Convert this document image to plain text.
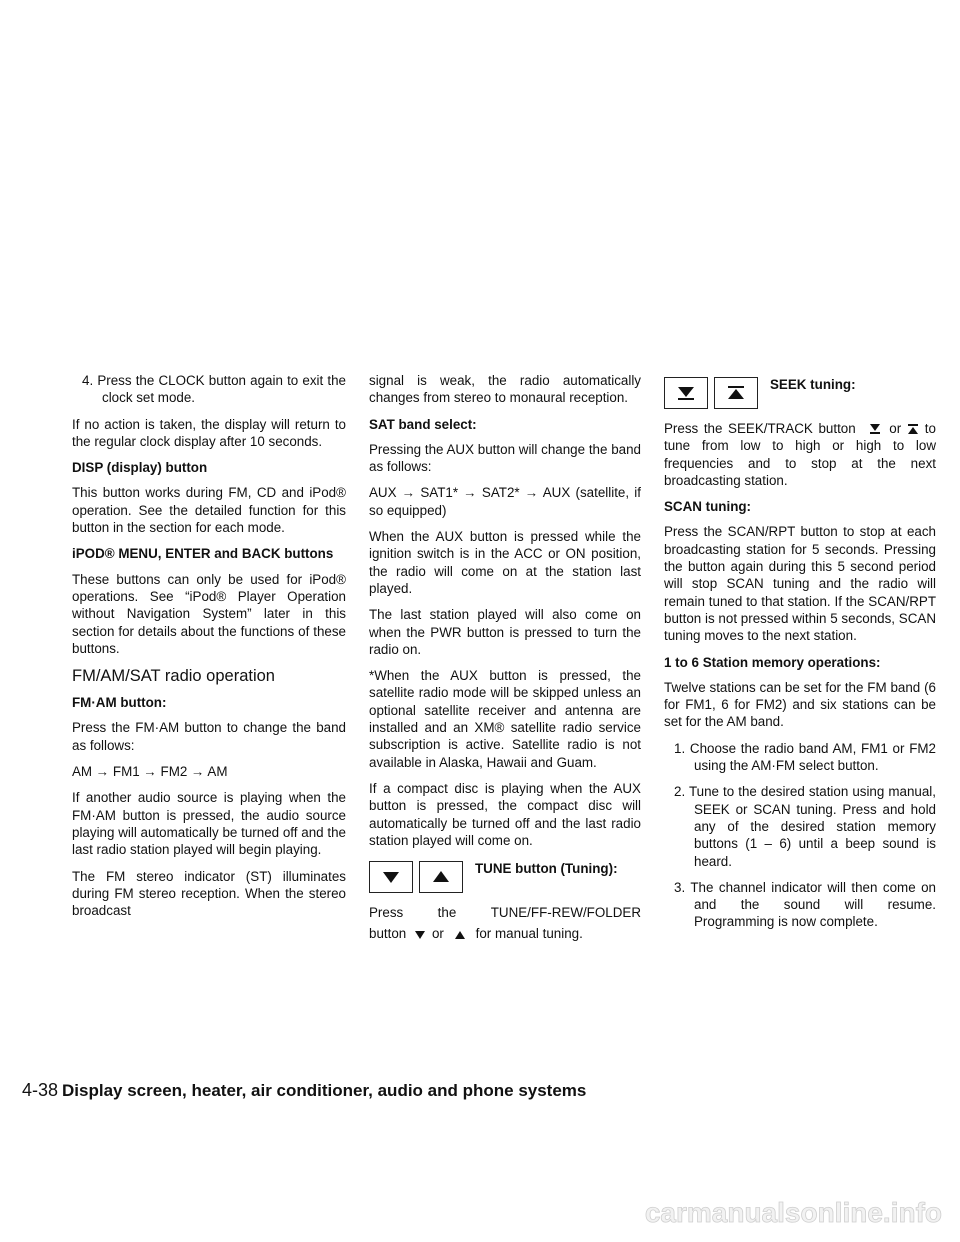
4. Press the CLOCK button again to exit the clock set mode.

If no action is taken, the display will return to the regular clock display after 10 seconds.

DISP (display) button

This button works during FM, CD and iPod® operation. See the detailed function for this button in the section for each mode.

iPOD® MENU, ENTER and BACK buttons

These buttons can only be used for iPod® operations. See “iPod® Player Operation without Navigation System” later in this section for details about the functions of these buttons.

FM/AM/SAT radio operation

FM·AM button:

Press the FM·AM button to change the band as follows:

AM → FM1 → FM2 → AM

If another audio source is playing when the FM·AM button is pressed, the audio source playing will automatically be turned off and the last radio station played will begin playing.

The FM stereo indicator (ST) illuminates during FM stereo reception. When the stereo broadcast

signal is weak, the radio automatically changes from stereo to monaural reception.

SAT band select:

Pressing the AUX button will change the band as follows:

AUX → SAT1* → SAT2* → AUX (satellite, if so equipped)

When the AUX button is pressed while the ignition switch is in the ACC or ON position, the radio will come on at the station last played.

The last station played will also come on when the PWR button is pressed to turn the radio on.

*When the AUX button is pressed, the satellite radio mode will be skipped unless an optional satellite receiver and antenna are installed and an XM® satellite radio service subscription is active. Satellite radio is not available in Alaska, Hawaii and Guam.

If a compact disc is playing when the AUX button is pressed, the compact disc will automatically be turned off and the last radio station played will come on.

TUNE button (Tuning):
Press	the	TUNE/FF-REW/FOLDER

button or for manual tuning.

SEEK tuning:

Press the SEEK/TRACK button	or to tune from low to high or high to low frequencies and to stop at the next broadcasting station.

SCAN tuning:

Press the SCAN/RPT button to stop at each broadcasting station for 5 seconds. Pressing the button again during this 5 second period will stop SCAN tuning and the radio will remain tuned to that station. If the SCAN/RPT button is not pressed within 5 seconds, SCAN tuning moves to the next station.

1 to 6 Station memory operations:

Twelve stations can be set for the FM band (6 for FM1, 6 for FM2) and six stations can be set for the AM band.

1. Choose the radio band AM, FM1 or FM2 using the AM·FM select button.

2. Tune to the desired station using manual, SEEK or SCAN tuning. Press and hold any of the desired station memory buttons (1 – 6) until a beep sound is heard.

3. The channel indicator will then come on and the sound will resume. Programming is now complete.

4-38 Display screen, heater, air conditioner, audio and phone systems
carmanualsonline.info
